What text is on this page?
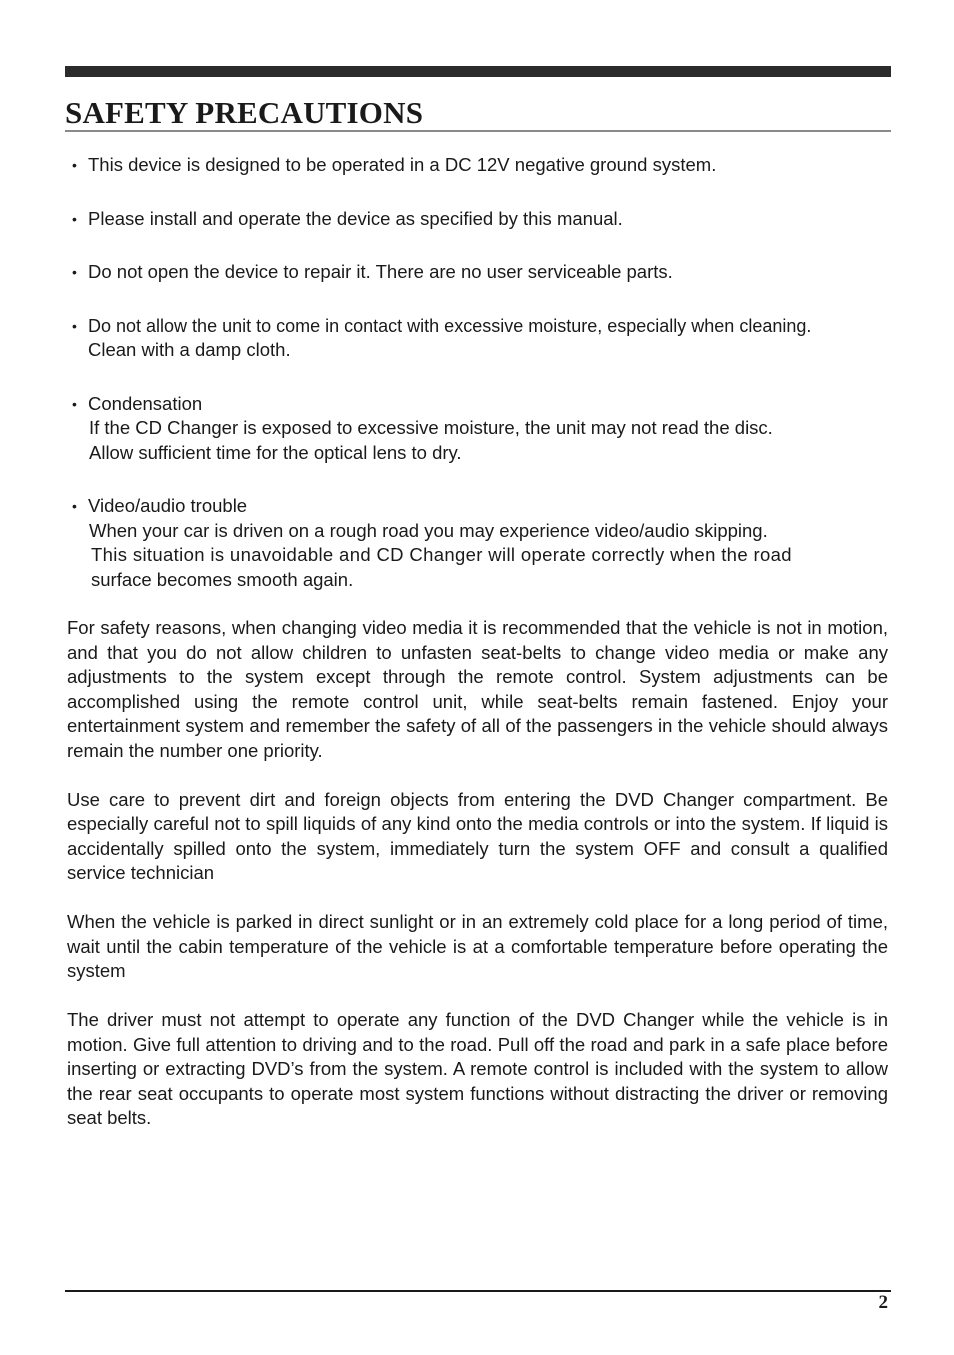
SAFETY PRECAUTIONS
• This device is designed to be operated in a DC 12V negative ground system.
• Please install and operate the device as specified by this manual.
• Do not open the device to repair it. There are no user serviceable parts.
• Do not allow the unit to come in contact with excessive moisture, especially when cleaning.
Clean with a damp cloth.
• Condensation
If the CD Changer is exposed to excessive moisture, the unit may not read the disc.
Allow sufficient time for the optical lens to dry.
• Video/audio trouble
When your car is driven on a rough road you may experience video/audio skipping.
This situation is unavoidable and CD Changer will operate correctly when the road
surface becomes smooth again.

For safety reasons, when changing video media it is recommended that the vehicle is not in motion, and that you do not allow children to unfasten seat-belts to change video media or make any adjustments to the system except through the remote control. System adjustments can be accomplished using the remote control unit, while seat-belts remain fastened. Enjoy your entertainment system and remember the safety of all of the passengers in the vehicle should always remain the number one priority.

Use care to prevent dirt and foreign objects from entering the DVD Changer compartment. Be especially careful not to spill liquids of any kind onto the media controls or into the system. If liquid is accidentally spilled onto the system, immediately turn the system OFF and consult a qualified service technician

When the vehicle is parked in direct sunlight or in an extremely cold place for a long period of time, wait until the cabin temperature of the vehicle is at a comfortable temperature before operating the system

The driver must not attempt to operate any function of the DVD Changer while the vehicle is in motion. Give full attention to driving and to the road. Pull off the road and park in a safe place before inserting or extracting DVD’s from the system. A remote control is included with the system to allow the rear seat occupants to operate most system functions without distracting the driver or removing seat belts.

2
